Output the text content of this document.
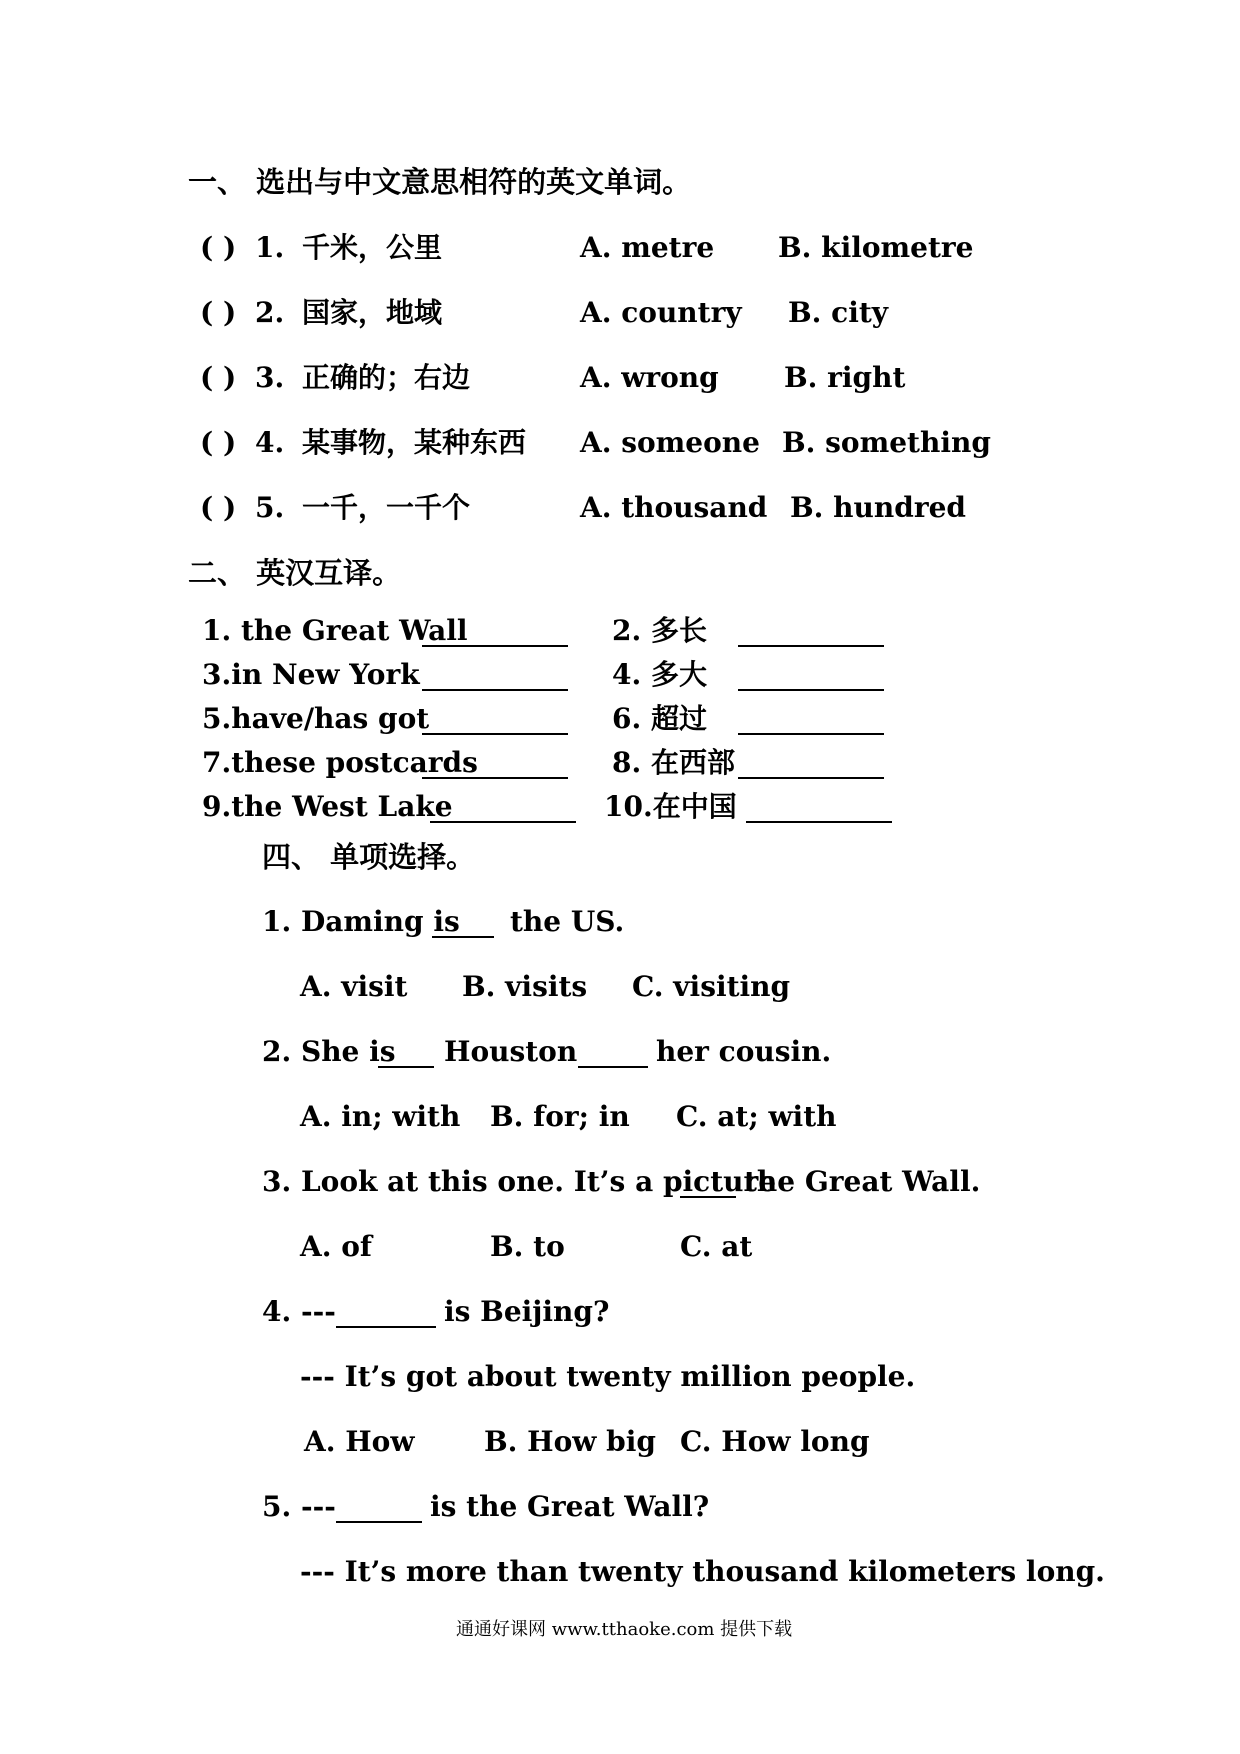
一、 选出与中文意思相符的英文单词。
( ) 1. 千米，公里	A. metre B. kilometre
( ) 2. 国家，地域	A. country B. city
( ) 3. 正确的；右边	A. wrong B. right
( ) 4. 某事物，某种东西 A. someone B. something
( ) 5. 一千，一千个	A. thousand B. hundred
二、 英汉互译。
1. the Great Wall	2. 多长
3.in New York	4. 多大
5.have/has got	6. 超过
7.these postcards	8. 在西部
9.the West Lake	10.在中国
四、 单项选择。
1. Daming is the US.
A. visit B. visits C. visiting
2. She is Houston	her cousin.
A. in; with B. for; in C. at; with
3. Look at this one. It’s a picture
the Great Wall.
A. of	B. to	C. at
4. ---	is Beijing?
--- It’s got about twenty million people.
A. How B. How big C. How long
5. ---	is the Great Wall?
--- It’s more than twenty thousand kilometers long.
通通好课网 www.tthaoke.com 提供下载
